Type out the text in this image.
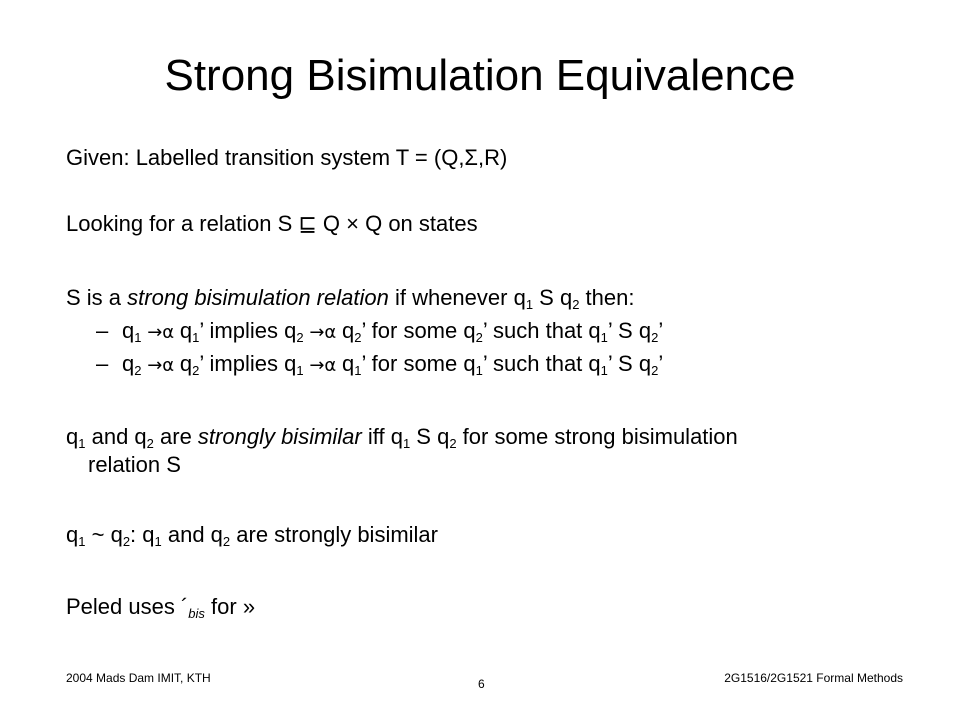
Strong Bisimulation Equivalence
Given: Labelled transition system T = (Q,Σ,R)
Looking for a relation S ⊑ Q × Q on states
S is a strong bisimulation relation if whenever $q_1$ S $q_2$ then:
– $q_1 \to\alpha$ $q_1$’ implies $q_2 \to\alpha$ $q_2$’ for some $q_2$’ such that $q_1$’ S $q_2$’
– $q_2 \to\alpha$ $q_2$’ implies $q_1 \to\alpha$ $q_1$’ for some $q_1$’ such that $q_1$’ S $q_2$’
$q_1$ and $q_2$ are strongly bisimilar iff $q_1$ S $q_2$ for some strong bisimulation
relation S
$q_1$ ~ $q_2$: $q_1$ and $q_2$ are strongly bisimilar
Peled uses $´_{bis}$ for »
2004 Mads Dam IMIT, KTH	6	2G1516/2G1521 Formal Methods
